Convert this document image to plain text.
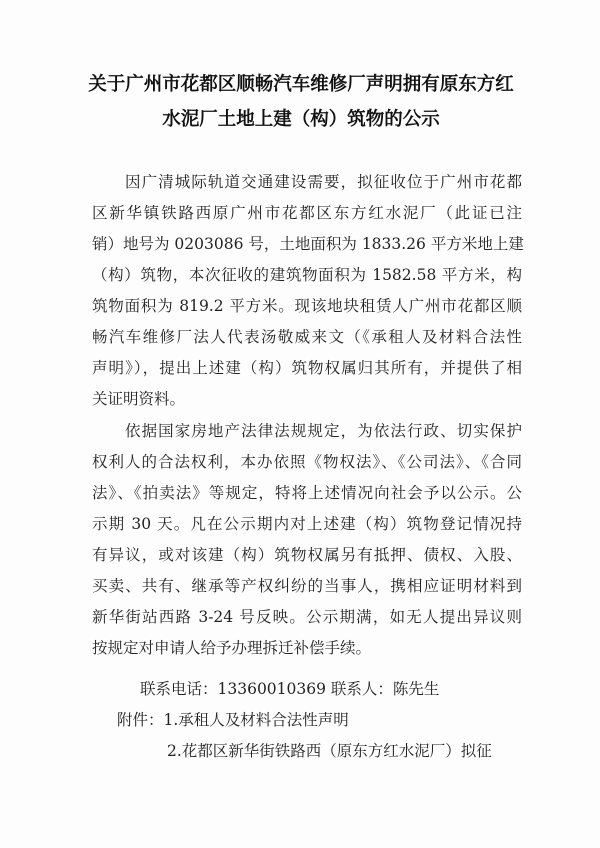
关于广州市花都区顺畅汽车维修厂声明拥有原东方红
水泥厂土地上建（构）筑物的公示
因广清城际轨道交通建设需要，拟征收位于广州市花都
区新华镇铁路西原广州市花都区东方红水泥厂（此证已注
销）地号为 0203086 号，土地面积为 1833.26 平方米地上建
（构）筑物，本次征收的建筑物面积为 1582.58 平方米，构
筑物面积为 819.2 平方米。现该地块租赁人广州市花都区顺
畅汽车维修厂法人代表汤敬威来文（《承租人及材料合法性
声明》），提出上述建（构）筑物权属归其所有，并提供了相
关证明资料。
依据国家房地产法律法规规定，为依法行政、切实保护
权利人的合法权利，本办依照《物权法》、《公司法》、《合同
法》、《拍卖法》等规定，特将上述情况向社会予以公示。公
示期 30 天。凡在公示期内对上述建（构）筑物登记情况持
有异议，或对该建（构）筑物权属另有抵押、债权、入股、
买卖、共有、继承等产权纠纷的当事人，携相应证明材料到
新华街站西路 3-24 号反映。公示期满，如无人提出异议则
按规定对申请人给予办理拆迁补偿手续。
联系电话：13360010369 联系人：陈先生
附件：1.承租人及材料合法性声明
2.花都区新华街铁路西（原东方红水泥厂）拟征
